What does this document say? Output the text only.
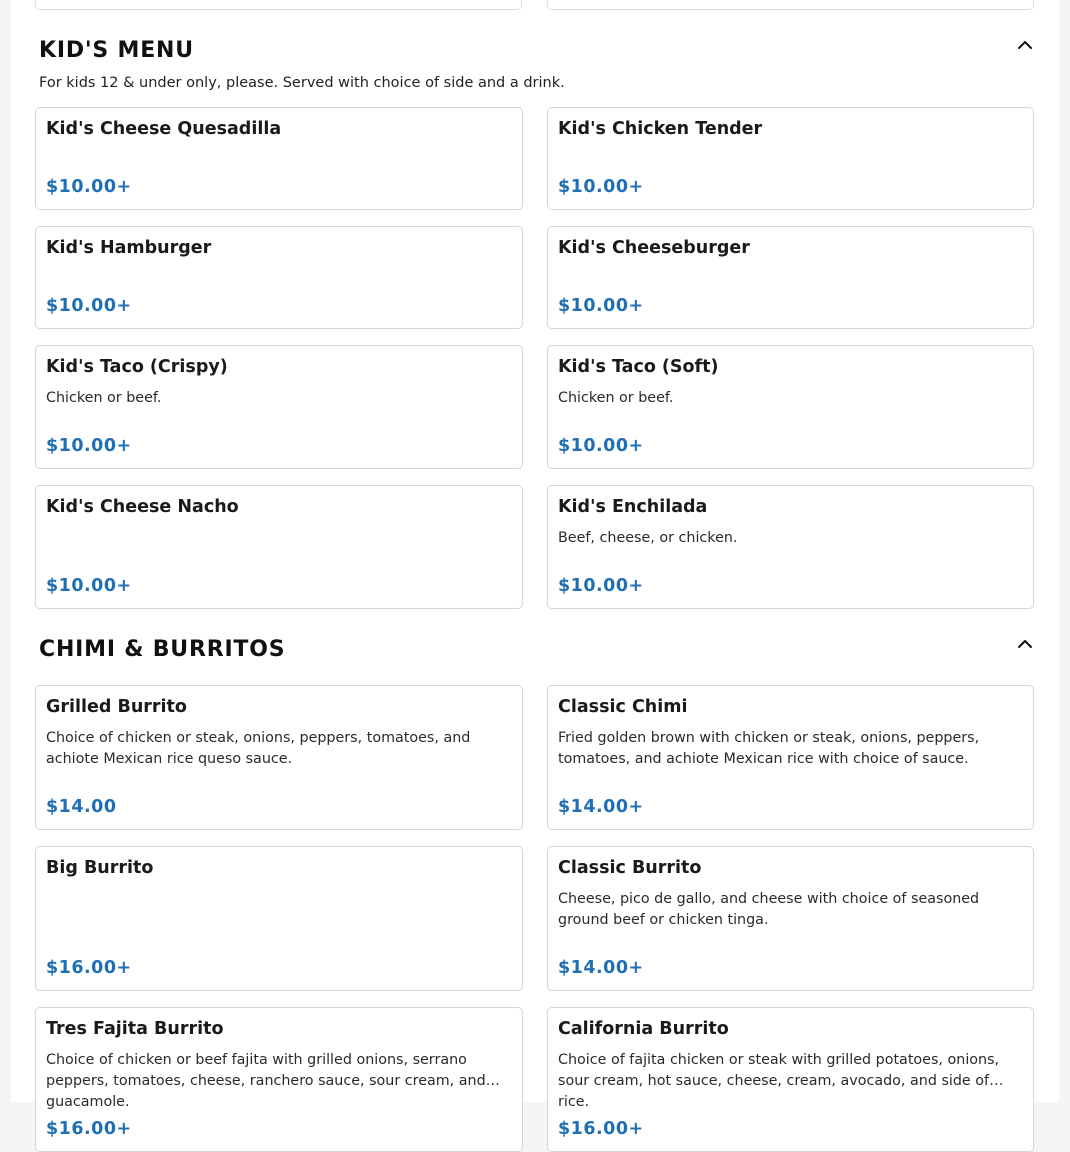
KID'S MENU

For kids 12 & under only, please. Served with choice of side and a drink.

Kid's Cheese Quesadilla

$10.00+

Kid's Chicken Tender

$10.00+

Kid's Hamburger

$10.00+

Kid's Cheeseburger

$10.00+

Kid's Taco (Crispy)

Chicken or beef.

$10.00+

Kid's Taco (Soft)

Chicken or beef.

$10.00+

Kid's Cheese Nacho

$10.00+

Kid's Enchilada

Beef, cheese, or chicken.

$10.00+
CHIMI & BURRITOS

Grilled Burrito

Choice of chicken or steak, onions, peppers, tomatoes, and achiote Mexican rice queso sauce.

$14.00

Classic Chimi

Fried golden brown with chicken or steak, onions, peppers, tomatoes, and achiote Mexican rice with choice of sauce.

$14.00+

Big Burrito

$16.00+

Classic Burrito

Cheese, pico de gallo, and cheese with choice of seasoned ground beef or chicken tinga.

$14.00+

Tres Fajita Burrito

Choice of chicken or beef fajita with grilled onions, serrano peppers, tomatoes, cheese, ranchero sauce, sour cream, and guacamole.

$16.00+

California Burrito

Choice of fajita chicken or steak with grilled potatoes, onions, sour cream, hot sauce, cheese, cream, avocado, and side of rice.

$16.00+
